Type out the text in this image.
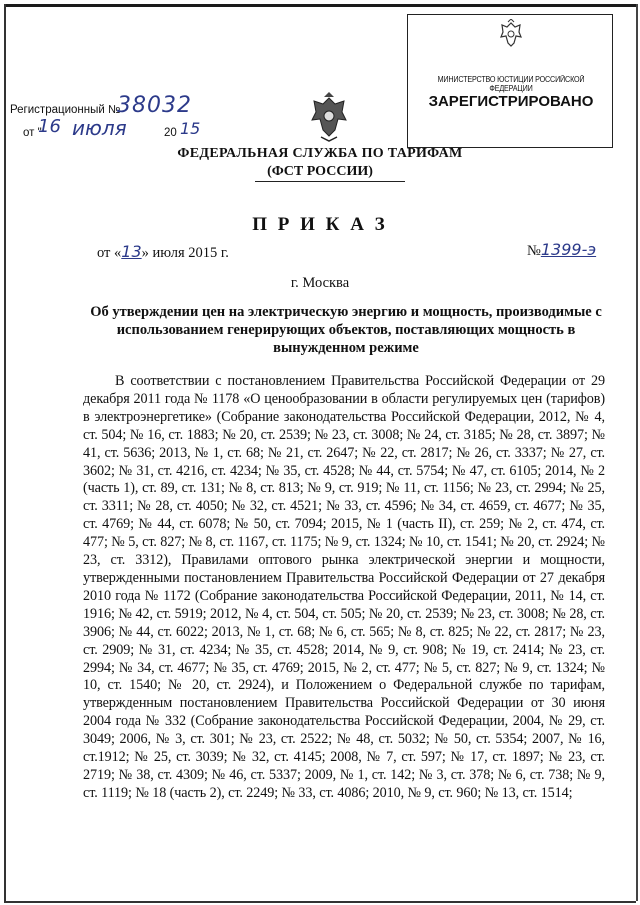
МИНИСТЕРСТВО ЮСТИЦИИ РОССИЙСКОЙ ФЕДЕРАЦИИ
ЗАРЕГИСТРИРОВАНО
Регистрационный №
38032
от "
16 июля	20 15
ФЕДЕРАЛЬНАЯ СЛУЖБА ПО ТАРИФАМ
(ФСТ РОССИИ)
П Р И К А З
от «13» июля 2015 г.	№1399-э
г. Москва
Об утверждении цен на электрическую энергию и мощность, производимые с использованием генерирующих объектов, поставляющих мощность в вынужденном режиме
В соответствии с постановлением Правительства Российской Федерации от 29 декабря 2011 года № 1178 «О ценообразовании в области регулируемых цен (тарифов) в электроэнергетике» (Собрание законодательства Российской Федерации, 2012, № 4, ст. 504; № 16, ст. 1883; № 20, ст. 2539; № 23, ст. 3008; № 24, ст. 3185; № 28, ст. 3897; № 41, ст. 5636; 2013, № 1, ст. 68; № 21, ст. 2647; № 22, ст. 2817; № 26, ст. 3337; № 27, ст. 3602; № 31, ст. 4216, ст. 4234; № 35, ст. 4528; № 44, ст. 5754; № 47, ст. 6105; 2014, № 2 (часть 1), ст. 89, ст. 131; № 8, ст. 813; № 9, ст. 919; № 11, ст. 1156; № 23, ст. 2994; № 25, ст. 3311; № 28, ст. 4050; № 32, ст. 4521; № 33, ст. 4596; № 34, ст. 4659, ст. 4677; № 35, ст. 4769; № 44, ст. 6078; № 50, ст. 7094; 2015, № 1 (часть II), ст. 259; № 2, ст. 474, ст. 477; № 5, ст. 827; № 8, ст. 1167, ст. 1175; № 9, ст. 1324; № 10, ст. 1541; № 20, ст. 2924; № 23, ст. 3312), Правилами оптового рынка электрической энергии и мощности, утвержденными постановлением Правительства Российской Федерации от 27 декабря 2010 года № 1172 (Собрание законодательства Российской Федерации, 2011, № 14, ст. 1916; № 42, ст. 5919; 2012, № 4, ст. 504, ст. 505; № 20, ст. 2539; № 23, ст. 3008; № 28, ст. 3906; № 44, ст. 6022; 2013, № 1, ст. 68; № 6, ст. 565; № 8, ст. 825; № 22, ст. 2817; № 23, ст. 2909; № 31, ст. 4234; № 35, ст. 4528; 2014, № 9, ст. 908; № 19, ст. 2414; № 23, ст. 2994; № 34, ст. 4677; № 35, ст. 4769; 2015, № 2, ст. 477; № 5, ст. 827; № 9, ст. 1324; № 10, ст. 1540; № 20, ст. 2924), и Положением о Федеральной службе по тарифам, утвержденным постановлением Правительства Российской Федерации от 30 июня 2004 года № 332 (Собрание законодательства Российской Федерации, 2004, № 29, ст. 3049; 2006, № 3, ст. 301; № 23, ст. 2522; № 48, ст. 5032; № 50, ст. 5354; 2007, № 16, ст.1912; № 25, ст. 3039; № 32, ст. 4145; 2008, № 7, ст. 597; № 17, ст. 1897; № 23, ст. 2719; № 38, ст. 4309; № 46, ст. 5337; 2009, № 1, ст. 142; № 3, ст. 378; № 6, ст. 738; № 9, ст. 1119; № 18 (часть 2), ст. 2249; № 33, ст. 4086; 2010, № 9, ст. 960; № 13, ст. 1514;
